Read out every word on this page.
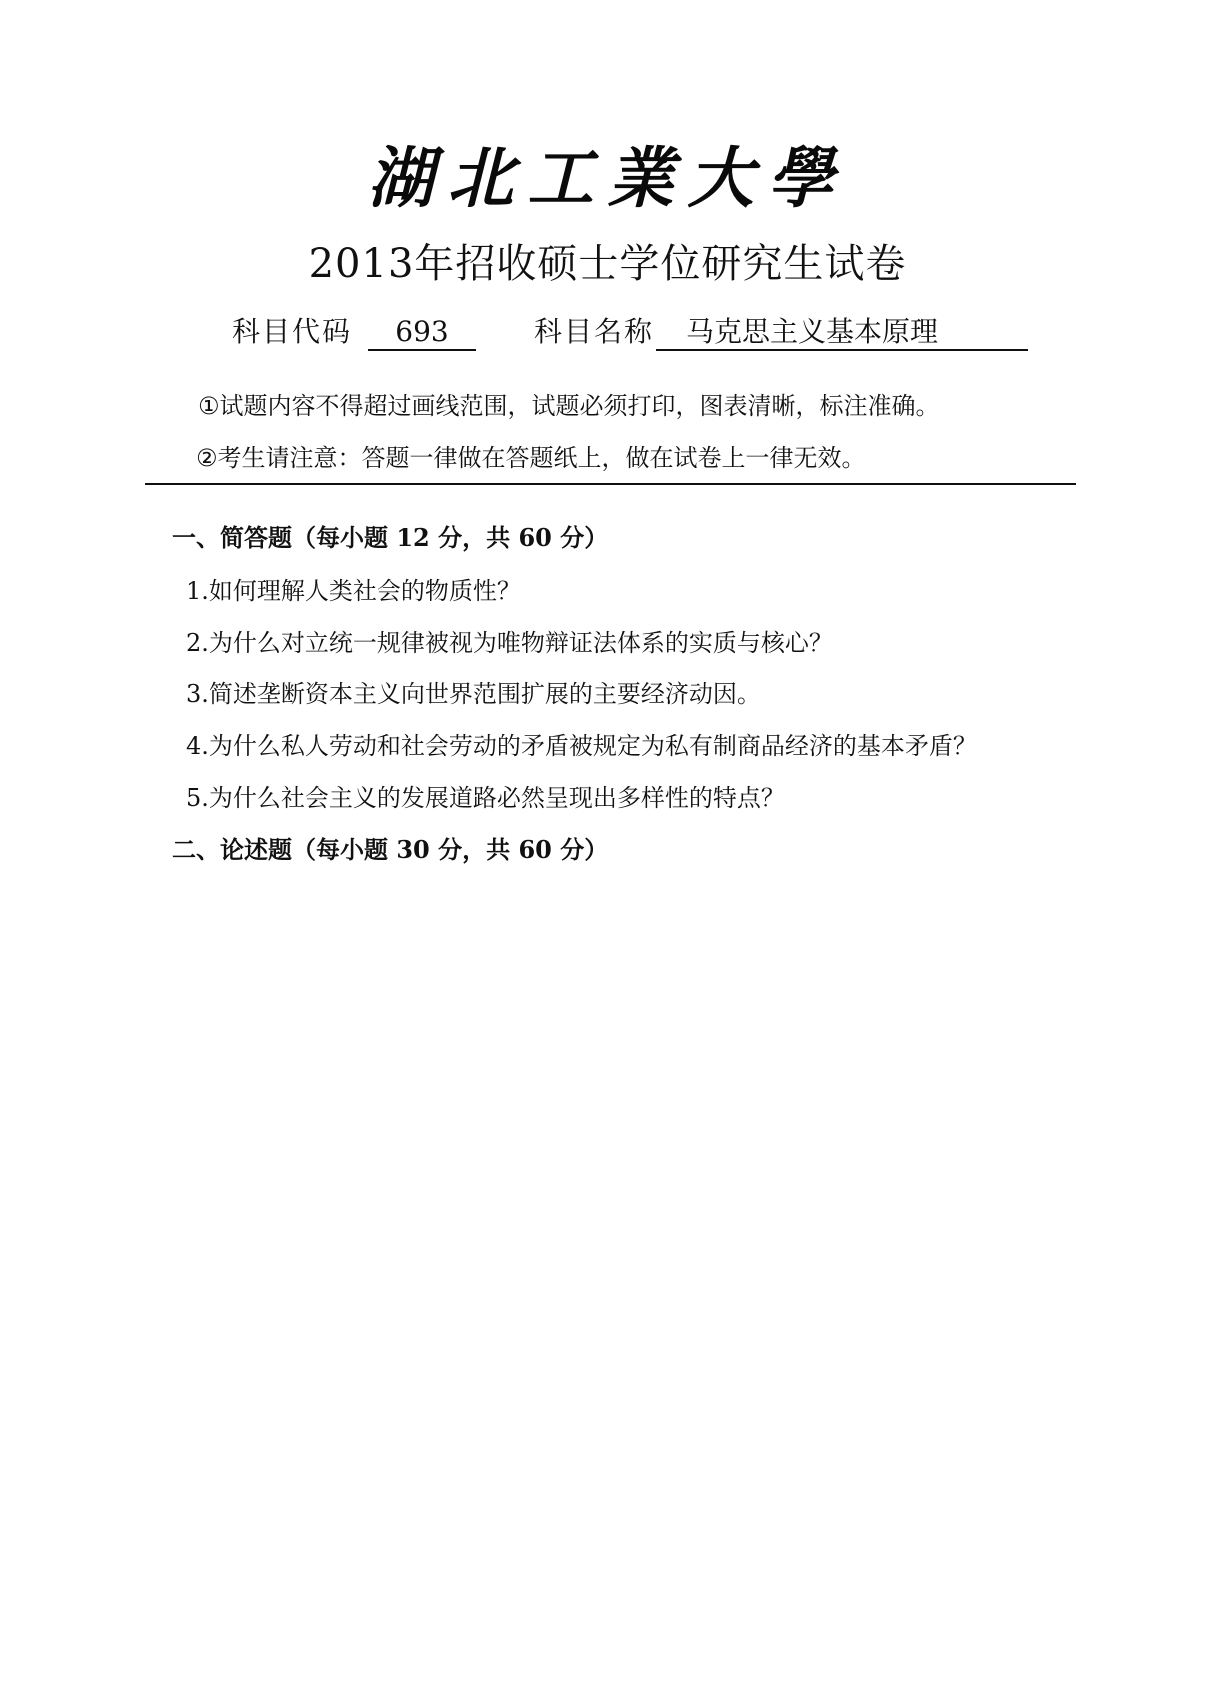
湖北工業大學
2013年招收硕士学位研究生试卷
科目代码 693	科目名称 马克思主义基本原理
①试题内容不得超过画线范围，试题必须打印，图表清晰，标注准确。
②考生请注意：答题一律做在答题纸上，做在试卷上一律无效。
一、简答题（每小题 12 分，共 60 分）
1.如何理解人类社会的物质性？
2.为什么对立统一规律被视为唯物辩证法体系的实质与核心？
3.简述垄断资本主义向世界范围扩展的主要经济动因。
4.为什么私人劳动和社会劳动的矛盾被规定为私有制商品经济的基本矛盾？
5.为什么社会主义的发展道路必然呈现出多样性的特点？
二、论述题（每小题 30 分，共 60 分）
